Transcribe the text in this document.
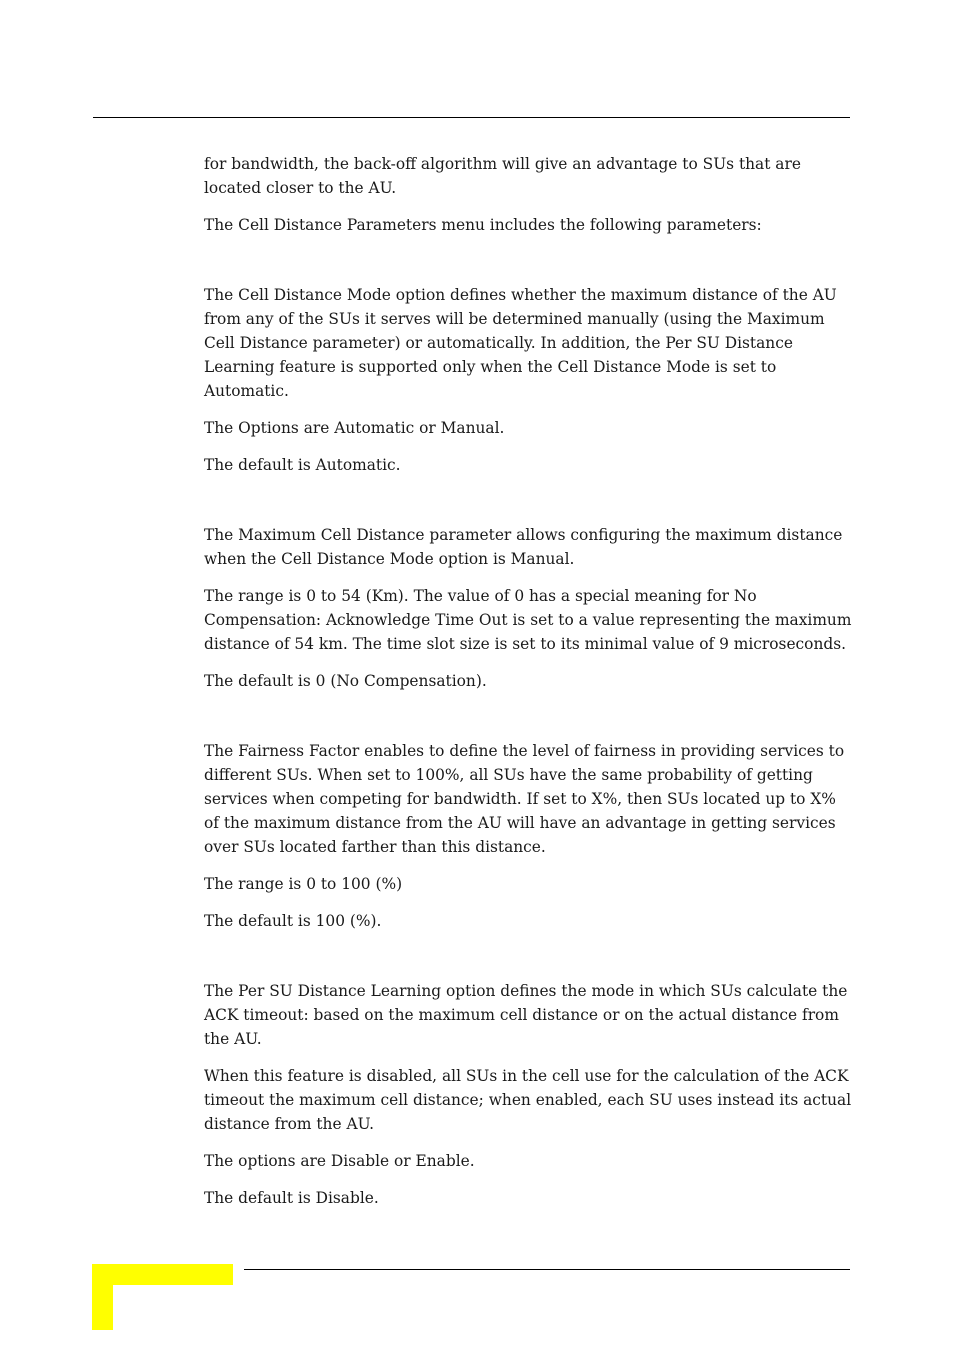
for bandwidth, the back-off algorithm will give an advantage to SUs that are located closer to the AU.

The Cell Distance Parameters menu includes the following parameters:

The Cell Distance Mode option defines whether the maximum distance of the AU from any of the SUs it serves will be determined manually (using the Maximum Cell Distance parameter) or automatically. In addition, the Per SU Distance Learning feature is supported only when the Cell Distance Mode is set to Automatic.

The Options are Automatic or Manual.

The default is Automatic.

The Maximum Cell Distance parameter allows configuring the maximum distance when the Cell Distance Mode option is Manual.

The range is 0 to 54 (Km). The value of 0 has a special meaning for No Compensation: Acknowledge Time Out is set to a value representing the maximum distance of 54 km. The time slot size is set to its minimal value of 9 microseconds.

The default is 0 (No Compensation).

The Fairness Factor enables to define the level of fairness in providing services to different SUs. When set to 100%, all SUs have the same probability of getting services when competing for bandwidth. If set to X%, then SUs located up to X% of the maximum distance from the AU will have an advantage in getting services over SUs located farther than this distance.

The range is 0 to 100 (%)

The default is 100 (%).

The Per SU Distance Learning option defines the mode in which SUs calculate the ACK timeout: based on the maximum cell distance or on the actual distance from the AU.

When this feature is disabled, all SUs in the cell use for the calculation of the ACK timeout the maximum cell distance; when enabled, each SU uses instead its actual distance from the AU.

The options are Disable or Enable.

The default is Disable.
